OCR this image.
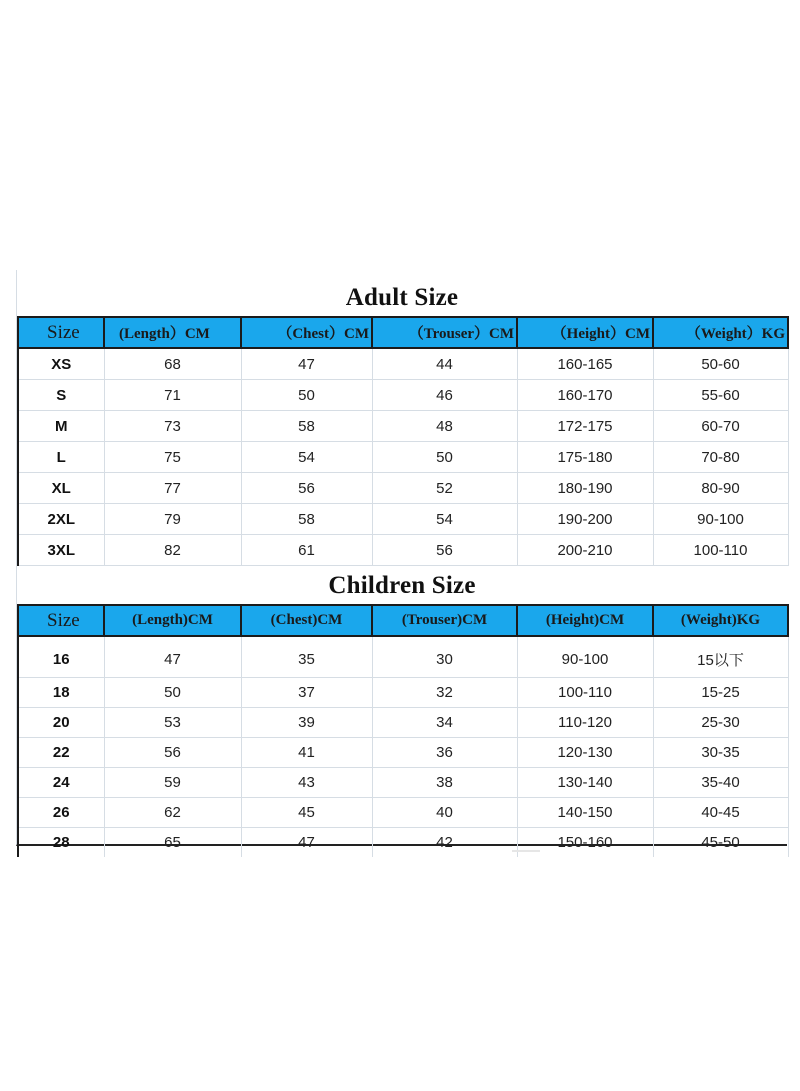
Adult Size
Size	(Length）CM	（Chest）CM	（Trouser）CM	（Height）CM	（Weight）KG
XS	68	47	44	160-165	50-60
S	71	50	46	160-170	55-60
M	73	58	48	172-175	60-70
L	75	54	50	175-180	70-80
XL	77	56	52	180-190	80-90
2XL	79	58	54	190-200	90-100
3XL	82	61	56	200-210	100-110
Children Size
Size	(Length)CM	(Chest)CM	(Trouser)CM	(Height)CM	(Weight)KG
16	47	35	30	90-100	15以下
18	50	37	32	100-110	15-25
20	53	39	34	110-120	25-30
22	56	41	36	120-130	30-35
24	59	43	38	130-140	35-40
26	62	45	40	140-150	40-45
28	65	47	42	150-160	45-50
